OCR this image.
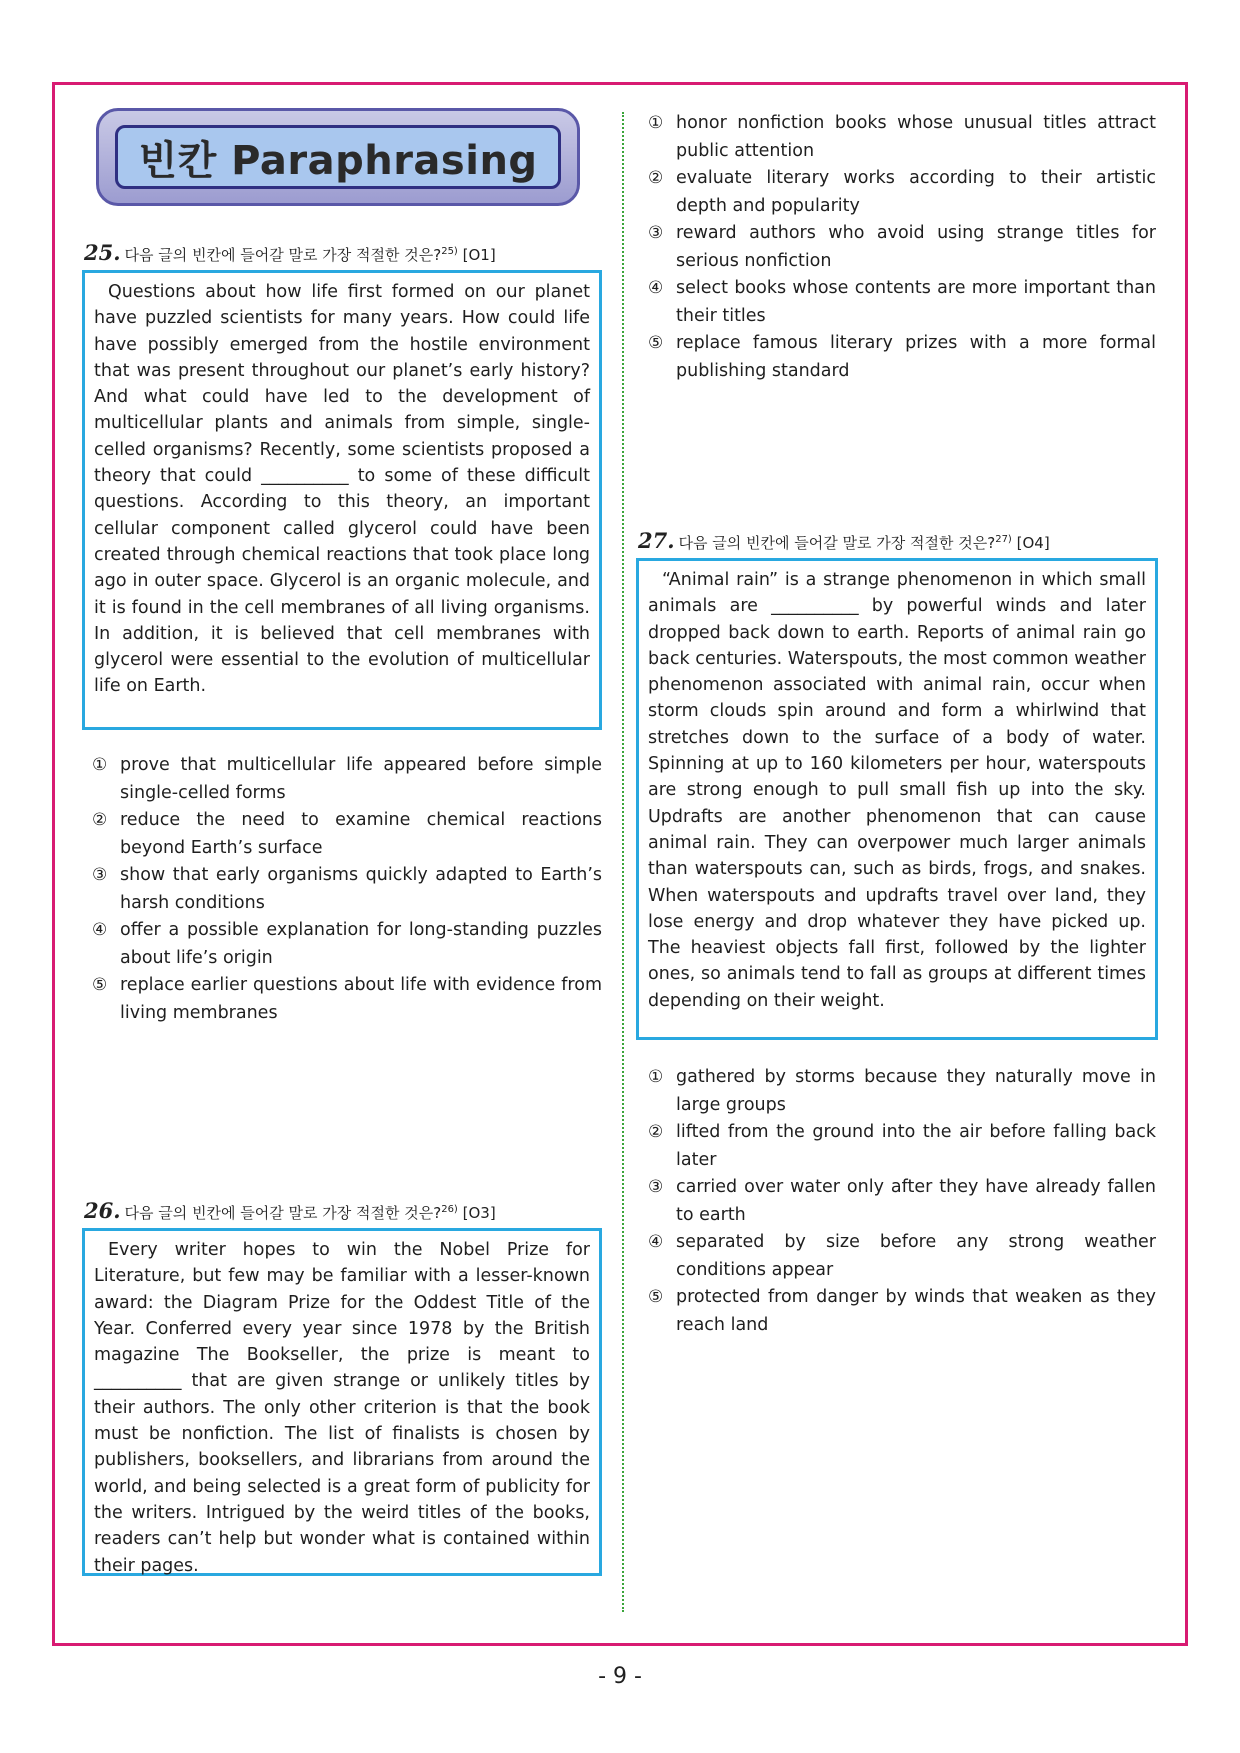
빈칸 Paraphrasing
25. 다음 글의 빈칸에 들어갈 말로 가장 적절한 것은?$^{25)}$ [O1]
Questions about how life first formed on our planet have puzzled scientists for many years. How could life have possibly emerged from the hostile environment that was present throughout our planet’s early history? And what could have led to the development of multicellular plants and animals from simple, single-celled organisms? Recently, some scientists proposed a theory that could __________ to some of these difficult questions. According to this theory, an important cellular component called glycerol could have been created through chemical reactions that took place long ago in outer space. Glycerol is an organic molecule, and it is found in the cell membranes of all living organisms. In addition, it is believed that cell membranes with glycerol were essential to the evolution of multicellular life on Earth.
① prove that multicellular life appeared before simple single-celled forms
② reduce the need to examine chemical reactions beyond Earth’s surface
③ show that early organisms quickly adapted to Earth’s harsh conditions
④ offer a possible explanation for long-standing puzzles about life’s origin
⑤ replace earlier questions about life with evidence from living membranes
26. 다음 글의 빈칸에 들어갈 말로 가장 적절한 것은?$^{26)}$ [O3]
Every writer hopes to win the Nobel Prize for Literature, but few may be familiar with a lesser-known award: the Diagram Prize for the Oddest Title of the Year. Conferred every year since 1978 by the British magazine The Bookseller, the prize is meant to __________ that are given strange or unlikely titles by their authors. The only other criterion is that the book must be nonfiction. The list of finalists is chosen by publishers, booksellers, and librarians from around the world, and being selected is a great form of publicity for the writers. Intrigued by the weird titles of the books, readers can’t help but wonder what is contained within their pages.
① honor nonfiction books whose unusual titles attract public attention
② evaluate literary works according to their artistic depth and popularity
③ reward authors who avoid using strange titles for serious nonfiction
④ select books whose contents are more important than their titles
⑤ replace famous literary prizes with a more formal publishing standard
27. 다음 글의 빈칸에 들어갈 말로 가장 적절한 것은?$^{27)}$ [O4]
“Animal rain” is a strange phenomenon in which small animals are __________ by powerful winds and later dropped back down to earth. Reports of animal rain go back centuries. Waterspouts, the most common weather phenomenon associated with animal rain, occur when storm clouds spin around and form a whirlwind that stretches down to the surface of a body of water. Spinning at up to 160 kilometers per hour, waterspouts are strong enough to pull small fish up into the sky. Updrafts are another phenomenon that can cause animal rain. They can overpower much larger animals than waterspouts can, such as birds, frogs, and snakes. When waterspouts and updrafts travel over land, they lose energy and drop whatever they have picked up. The heaviest objects fall first, followed by the lighter ones, so animals tend to fall as groups at different times depending on their weight.
① gathered by storms because they naturally move in large groups
② lifted from the ground into the air before falling back later
③ carried over water only after they have already fallen to earth
④ separated by size before any strong weather conditions appear
⑤ protected from danger by winds that weaken as they reach land
- 9 -
